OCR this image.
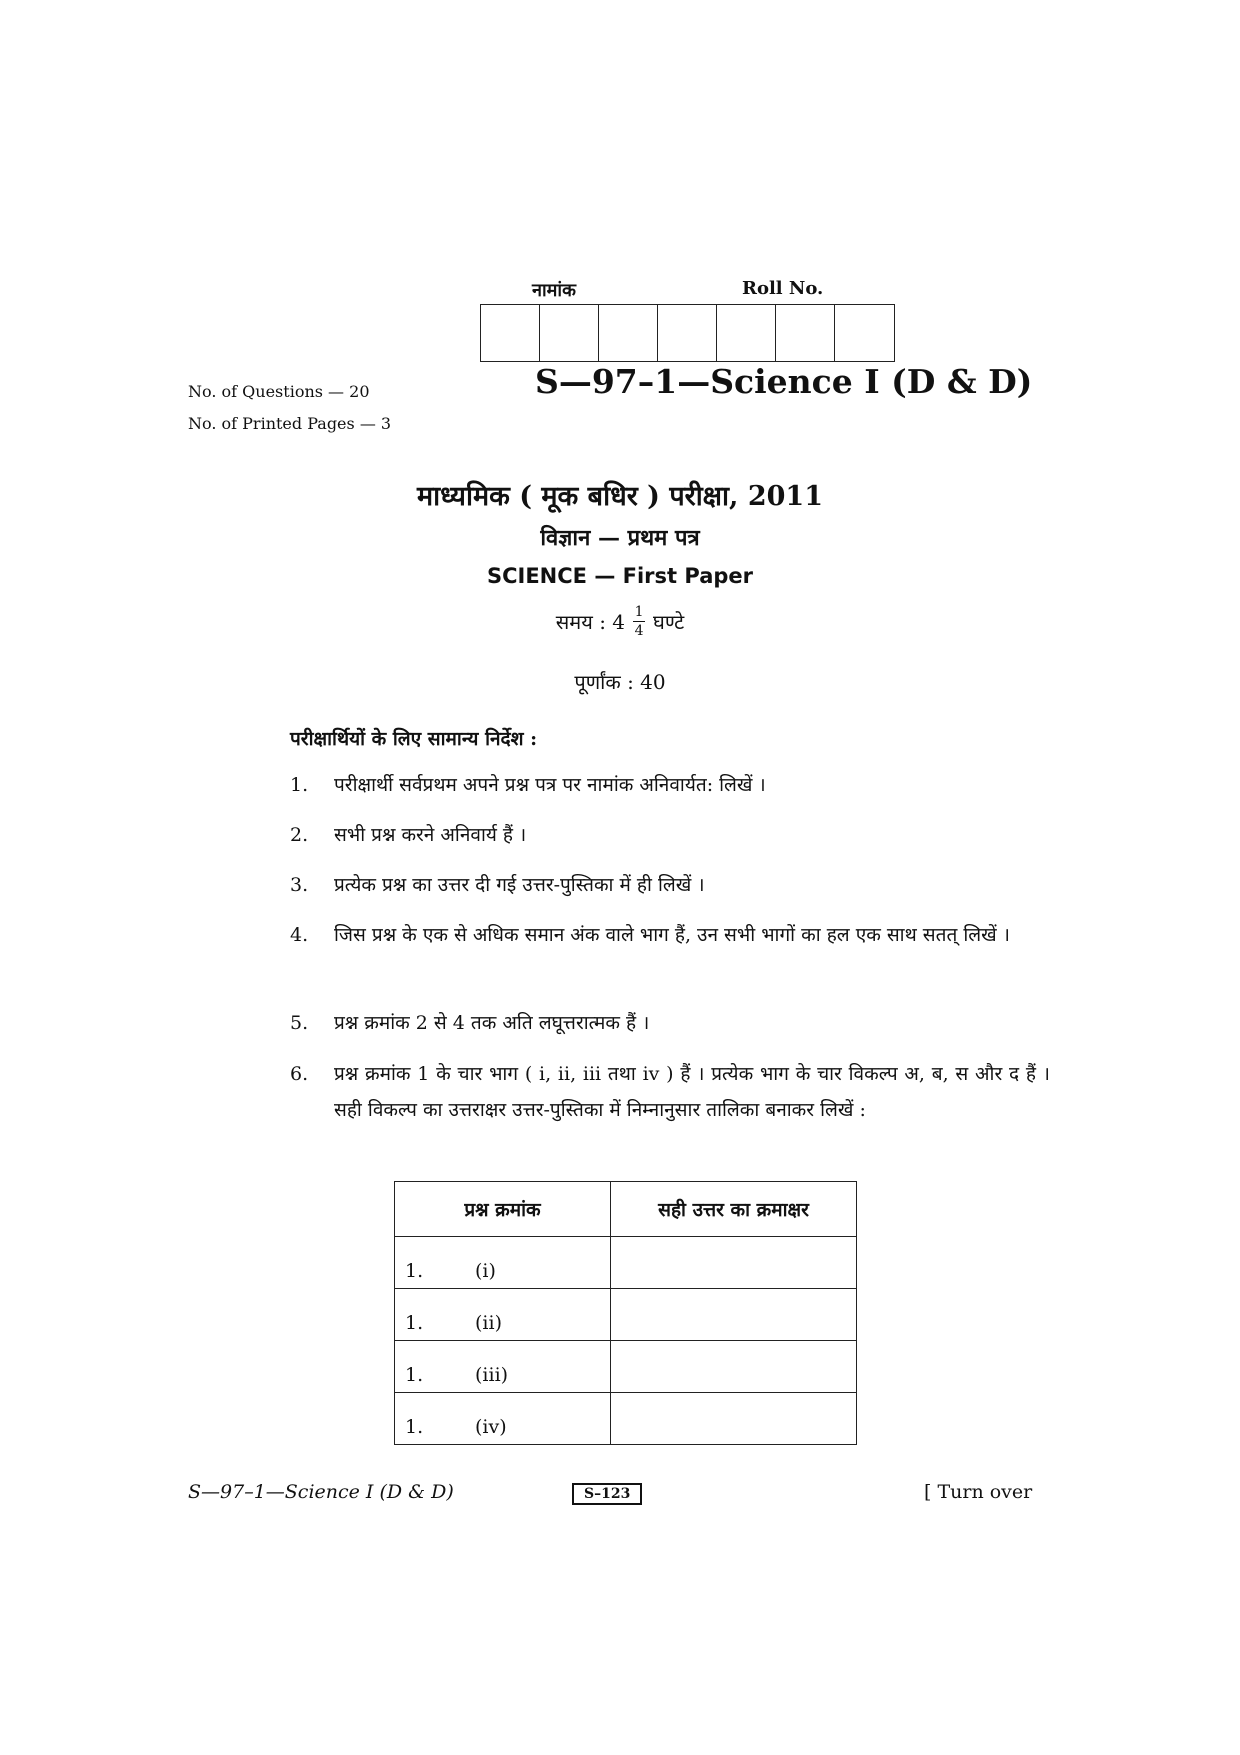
नामांक	Roll No.
No. of Questions — 20
No. of Printed Pages — 3
S—97–1—Science I (D & D)
माध्यमिक ( मूक बधिर ) परीक्षा, 2011
विज्ञान — प्रथम पत्र
SCIENCE — First Paper
समय : $4 \frac{1}{4}$ घण्टे
पूर्णांक : 40
परीक्षार्थियों के लिए सामान्य निर्देश :
1.	परीक्षार्थी सर्वप्रथम अपने प्रश्न पत्र पर नामांक अनिवार्यत: लिखें ।
2.	सभी प्रश्न करने अनिवार्य हैं ।
3.	प्रत्येक प्रश्न का उत्तर दी गई उत्तर-पुस्तिका में ही लिखें ।
4.	जिस प्रश्न के एक से अधिक समान अंक वाले भाग हैं, उन सभी भागों का हल एक साथ सतत् लिखें ।
5.	प्रश्न क्रमांक 2 से 4 तक अति लघूत्तरात्मक हैं ।
6.	प्रश्न क्रमांक 1 के चार भाग ( i, ii, iii तथा iv ) हैं । प्रत्येक भाग के चार विकल्प अ, ब, स और द हैं । सही विकल्प का उत्तराक्षर उत्तर-पुस्तिका में निम्नानुसार तालिका बनाकर लिखें :
प्रश्न क्रमांक	सही उत्तर का क्रमाक्षर
1. (i)	
1. (ii)	
1. (iii)	
1. (iv)	
S—97–1—Science I (D & D)	S–123	[ Turn over
